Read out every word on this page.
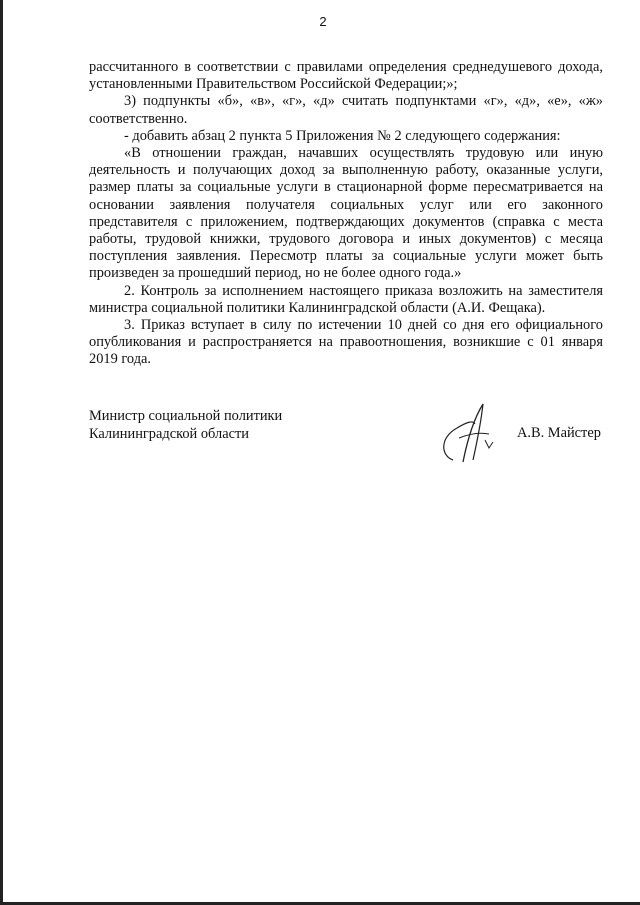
2

рассчитанного в соответствии с правилами определения среднедушевого дохода, установленными Правительством Российской Федерации;»;

3) подпункты «б», «в», «г», «д» считать подпунктами «г», «д», «е», «ж» соответственно.

- добавить абзац 2 пункта 5 Приложения № 2 следующего содержания:

«В отношении граждан, начавших осуществлять трудовую или иную деятельность и получающих доход за выполненную работу, оказанные услуги, размер платы за социальные услуги в стационарной форме пересматривается на основании заявления получателя социальных услуг или его законного представителя с приложением, подтверждающих документов (справка с места работы, трудовой книжки, трудового договора и иных документов) с месяца поступления заявления. Пересмотр платы за социальные услуги может быть произведен за прошедший период, но не более одного года.»

2. Контроль за исполнением настоящего приказа возложить на заместителя министра социальной политики Калининградской области (А.И. Фещака).

3. Приказ вступает в силу по истечении 10 дней со дня его официального опубликования и распространяется на правоотношения, возникшие с 01 января 2019 года.

Министр социальной политики

Калининградской области	А.В. Майстер
